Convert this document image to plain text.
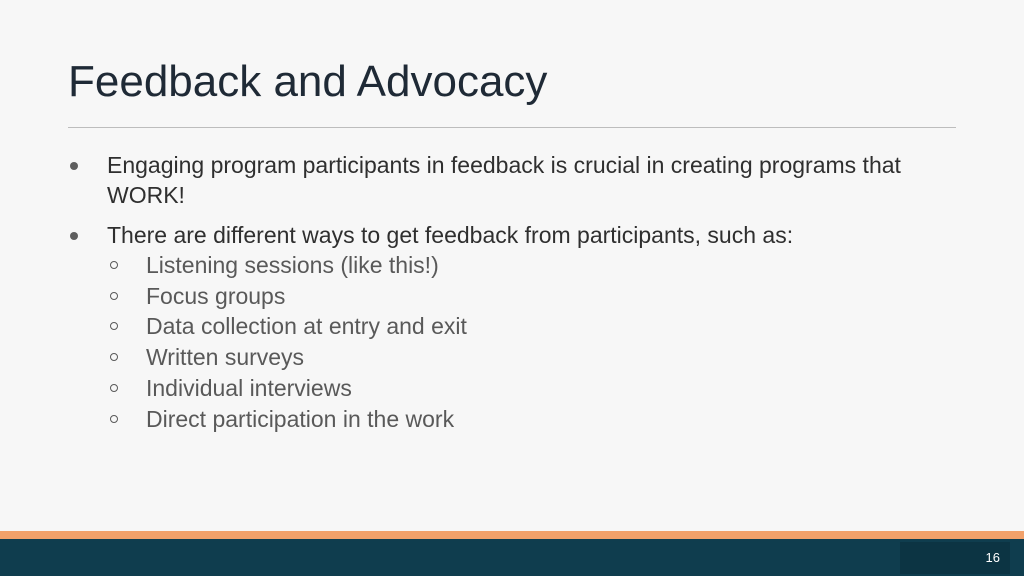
Feedback and Advocacy
Engaging program participants in feedback is crucial in creating programs that WORK!
There are different ways to get feedback from participants, such as:
Listening sessions (like this!)
Focus groups
Data collection at entry and exit
Written surveys
Individual interviews
Direct participation in the work
16
